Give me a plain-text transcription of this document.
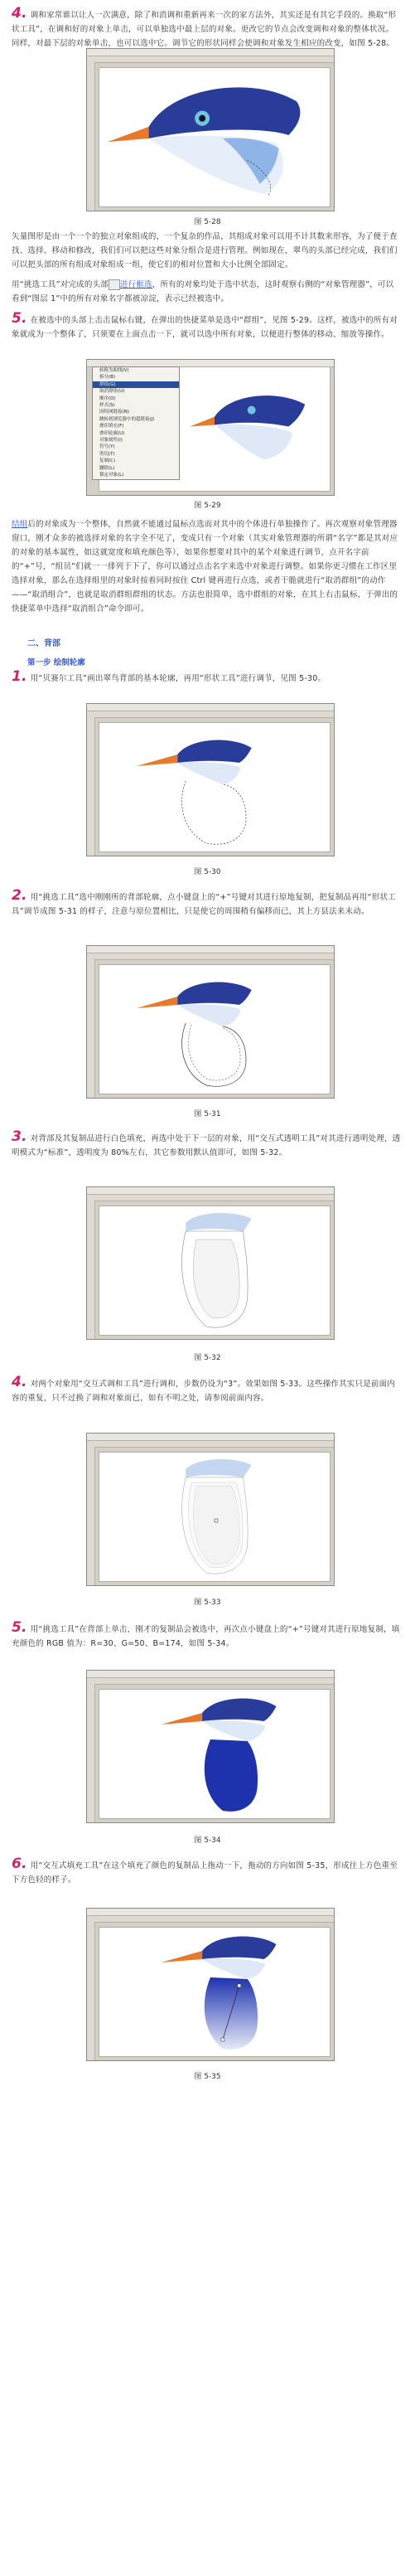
4. 调和家常谁以让人一次满意，除了和消调和重新再来一次的家方法外，其实还是有其它手段的。换取“形状工具”，在调和好的对象上单击，可以单独选中最上层的对象。更改它的节点会改变调和对象的整体状况。同样，对最下层的对象单击，也可以选中它。调节它的形状同样会使调和对象发生相应的改变，如图 5-28。
图 5-28
矢量图形是由一个一个的独立对象组成的，一个复杂的作品，其组成对象可以用不计其数来形容，为了便于查找、选择、移动和修改，我们们可以把这些对象分组合是进行管理。例如现在，翠鸟的头部已经完成，我们们可以把头部的所有组成对象组成一组，使它们的相对位置和大小比例全部固定。
用“挑选工具”对完成的头部 进行框选，所有的对象均处于选中状态，这时观察右侧的“对象管理器”，可以看到“图层 1”中的所有对象名字都被凉淀，表示已经被选中。
5. 在被选中的头部上击击鼠标右键，在弹出的快捷菜单是选中“群组”，见图 5-29。这样，被选中的所有对象就成为一个整体了，只须要在上面点击一下，就可以选中所有对象，以便进行整体的移动、缩放等操作。
转换为曲线(V)
拆分(B)
群组(G)
取消群组(U)
顺序(O)
样式(S)
因特网链接(N)
跳转到浏览器中的超链接(J)
叠印填充(F)
叠印轮廓(U)
对象属性(I)
符号(Y)
剪切(T)
复制(C)
删除(L)
锁定对象(L)
图 5-29
结组后的对象成为一个整体，自然就不能通过鼠标点选而对其中的个体进行单独操作了。再次观察对象管理器窗口，刚才众多的被选择对象的名字全不见了，变成只有一个对象（其实对象管理器的所谓“名字”都是其对应的对象的基本属性，如这就宽度和填充颜色等），如果你想要对其中的某个对象进行调节，点开名字前的“+”号，“组员”们就一一排列于下了，你可以通过点击名字来选中对象进行调整。如果你更习惯在工作区里选择对象，那么在选择组里的对象时按着同时按住 Ctrl 键再进行点选，或者干脆就进行“取消群组”的动作——“取消组合”，也就是取消群组群组的状态。方法也很简单，选中群组的对象，在其上右击鼠标，于弹出的快捷菜单中选择“取消组合”命令即可。
二、背部
第一步 绘制轮廓
1. 用“贝赛尔工具”画出翠鸟背部的基本轮廓，再用“形状工具”进行调节，见图 5-30。
图 5-30
2. 用“挑选工具”选中刚刚所的背部轮廓，点小键盘上的“+”号键对其进行原地复制，把复制品再用“形状工具”调节成图 5-31 的样子，注意与原位置相比，只是使它的周围稍有偏移而已，其上方县法来未动。
图 5-31
3. 对背部及其复制品进行白色填充，再选中处于下一层的对象，用“交互式透明工具”对其进行透明处理，透明模式为“标准”，透明度为 80%左右，其它参数用默认值即可，如图 5-32。
图 5-32
4. 对两个对象用“交互式调和工具”进行调和，步数仍设为“3”。效果如图 5-33。这些操作其实只是前面内容的重复，只不过换了调和对象而已，如有不明之处，请参阅前面内容。
图 5-33
5. 用“挑选工具”在背部上单击，刚才的复制品会被选中，再次点小键盘上的“+”号键对其进行原地复制，填充颜色的 RGB 值为：R=30、G=50、B=174，如图 5-34。
图 5-34
6. 用“交互式填充工具”在这个填充了颜色的复制品上拖动一下，拖动的方向如图 5-35，形成往上方色重至下方色轻的样子。
图 5-35
